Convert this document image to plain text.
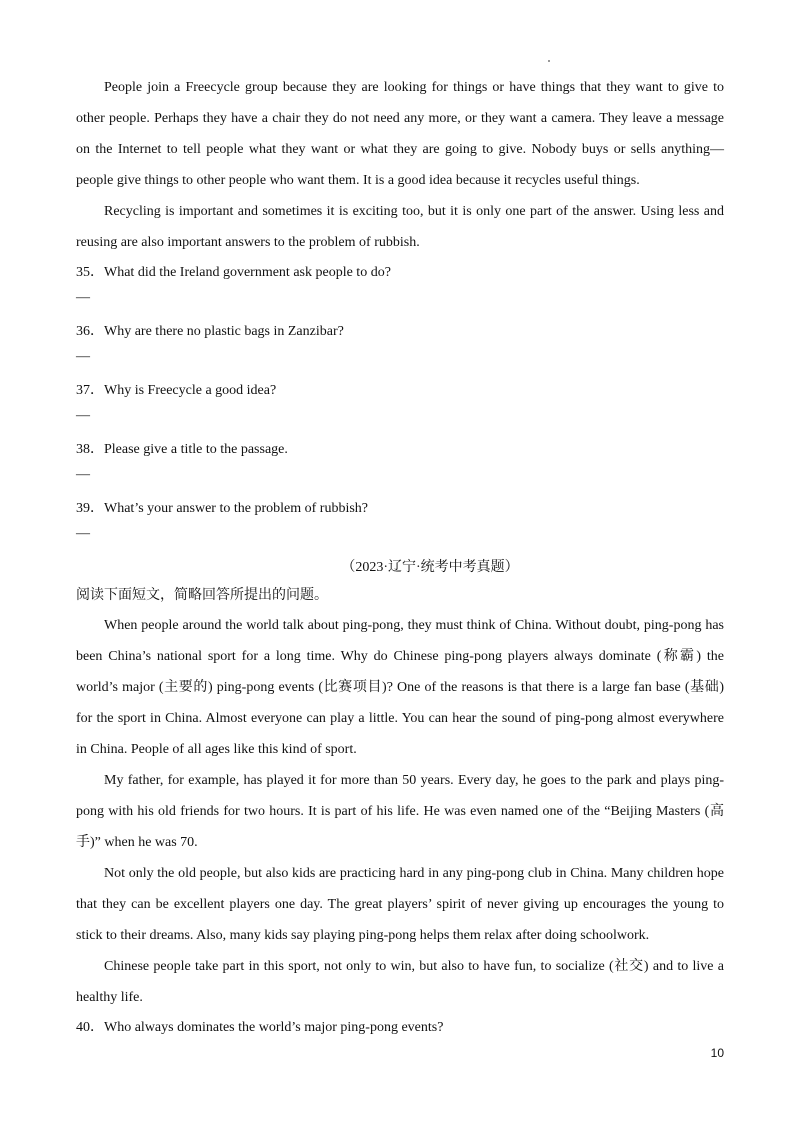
People join a Freecycle group because they are looking for things or have things that they want to give to other people. Perhaps they have a chair they do not need any more, or they want a camera. They leave a message on the Internet to tell people what they want or what they are going to give. Nobody buys or sells anything—people give things to other people who want them. It is a good idea because it recycles useful things.

Recycling is important and sometimes it is exciting too, but it is only one part of the answer. Using less and reusing are also important answers to the problem of rubbish.

35．What did the Ireland government ask people to do?

—

36．Why are there no plastic bags in Zanzibar?

—

37．Why is Freecycle a good idea?

—

38．Please give a title to the passage.

—

39．What’s your answer to the problem of rubbish?

—

（2023·辽宁·统考中考真题）

阅读下面短文，简略回答所提出的问题。

When people around the world talk about ping-pong, they must think of China. Without doubt, ping-pong has been China’s national sport for a long time. Why do Chinese ping-pong players always dominate (称霸) the world’s major (主要的) ping-pong events (比赛项目)? One of the reasons is that there is a large fan base (基础) for the sport in China. Almost everyone can play a little. You can hear the sound of ping-pong almost everywhere in China. People of all ages like this kind of sport.

My father, for example, has played it for more than 50 years. Every day, he goes to the park and plays ping-pong with his old friends for two hours. It is part of his life. He was even named one of the “Beijing Masters (高手)” when he was 70.

Not only the old people, but also kids are practicing hard in any ping-pong club in China. Many children hope that they can be excellent players one day. The great players’ spirit of never giving up encourages the young to stick to their dreams. Also, many kids say playing ping-pong helps them relax after doing schoolwork.

Chinese people take part in this sport, not only to win, but also to have fun, to socialize (社交) and to live a healthy life.

40．Who always dominates the world’s major ping-pong events?

10
